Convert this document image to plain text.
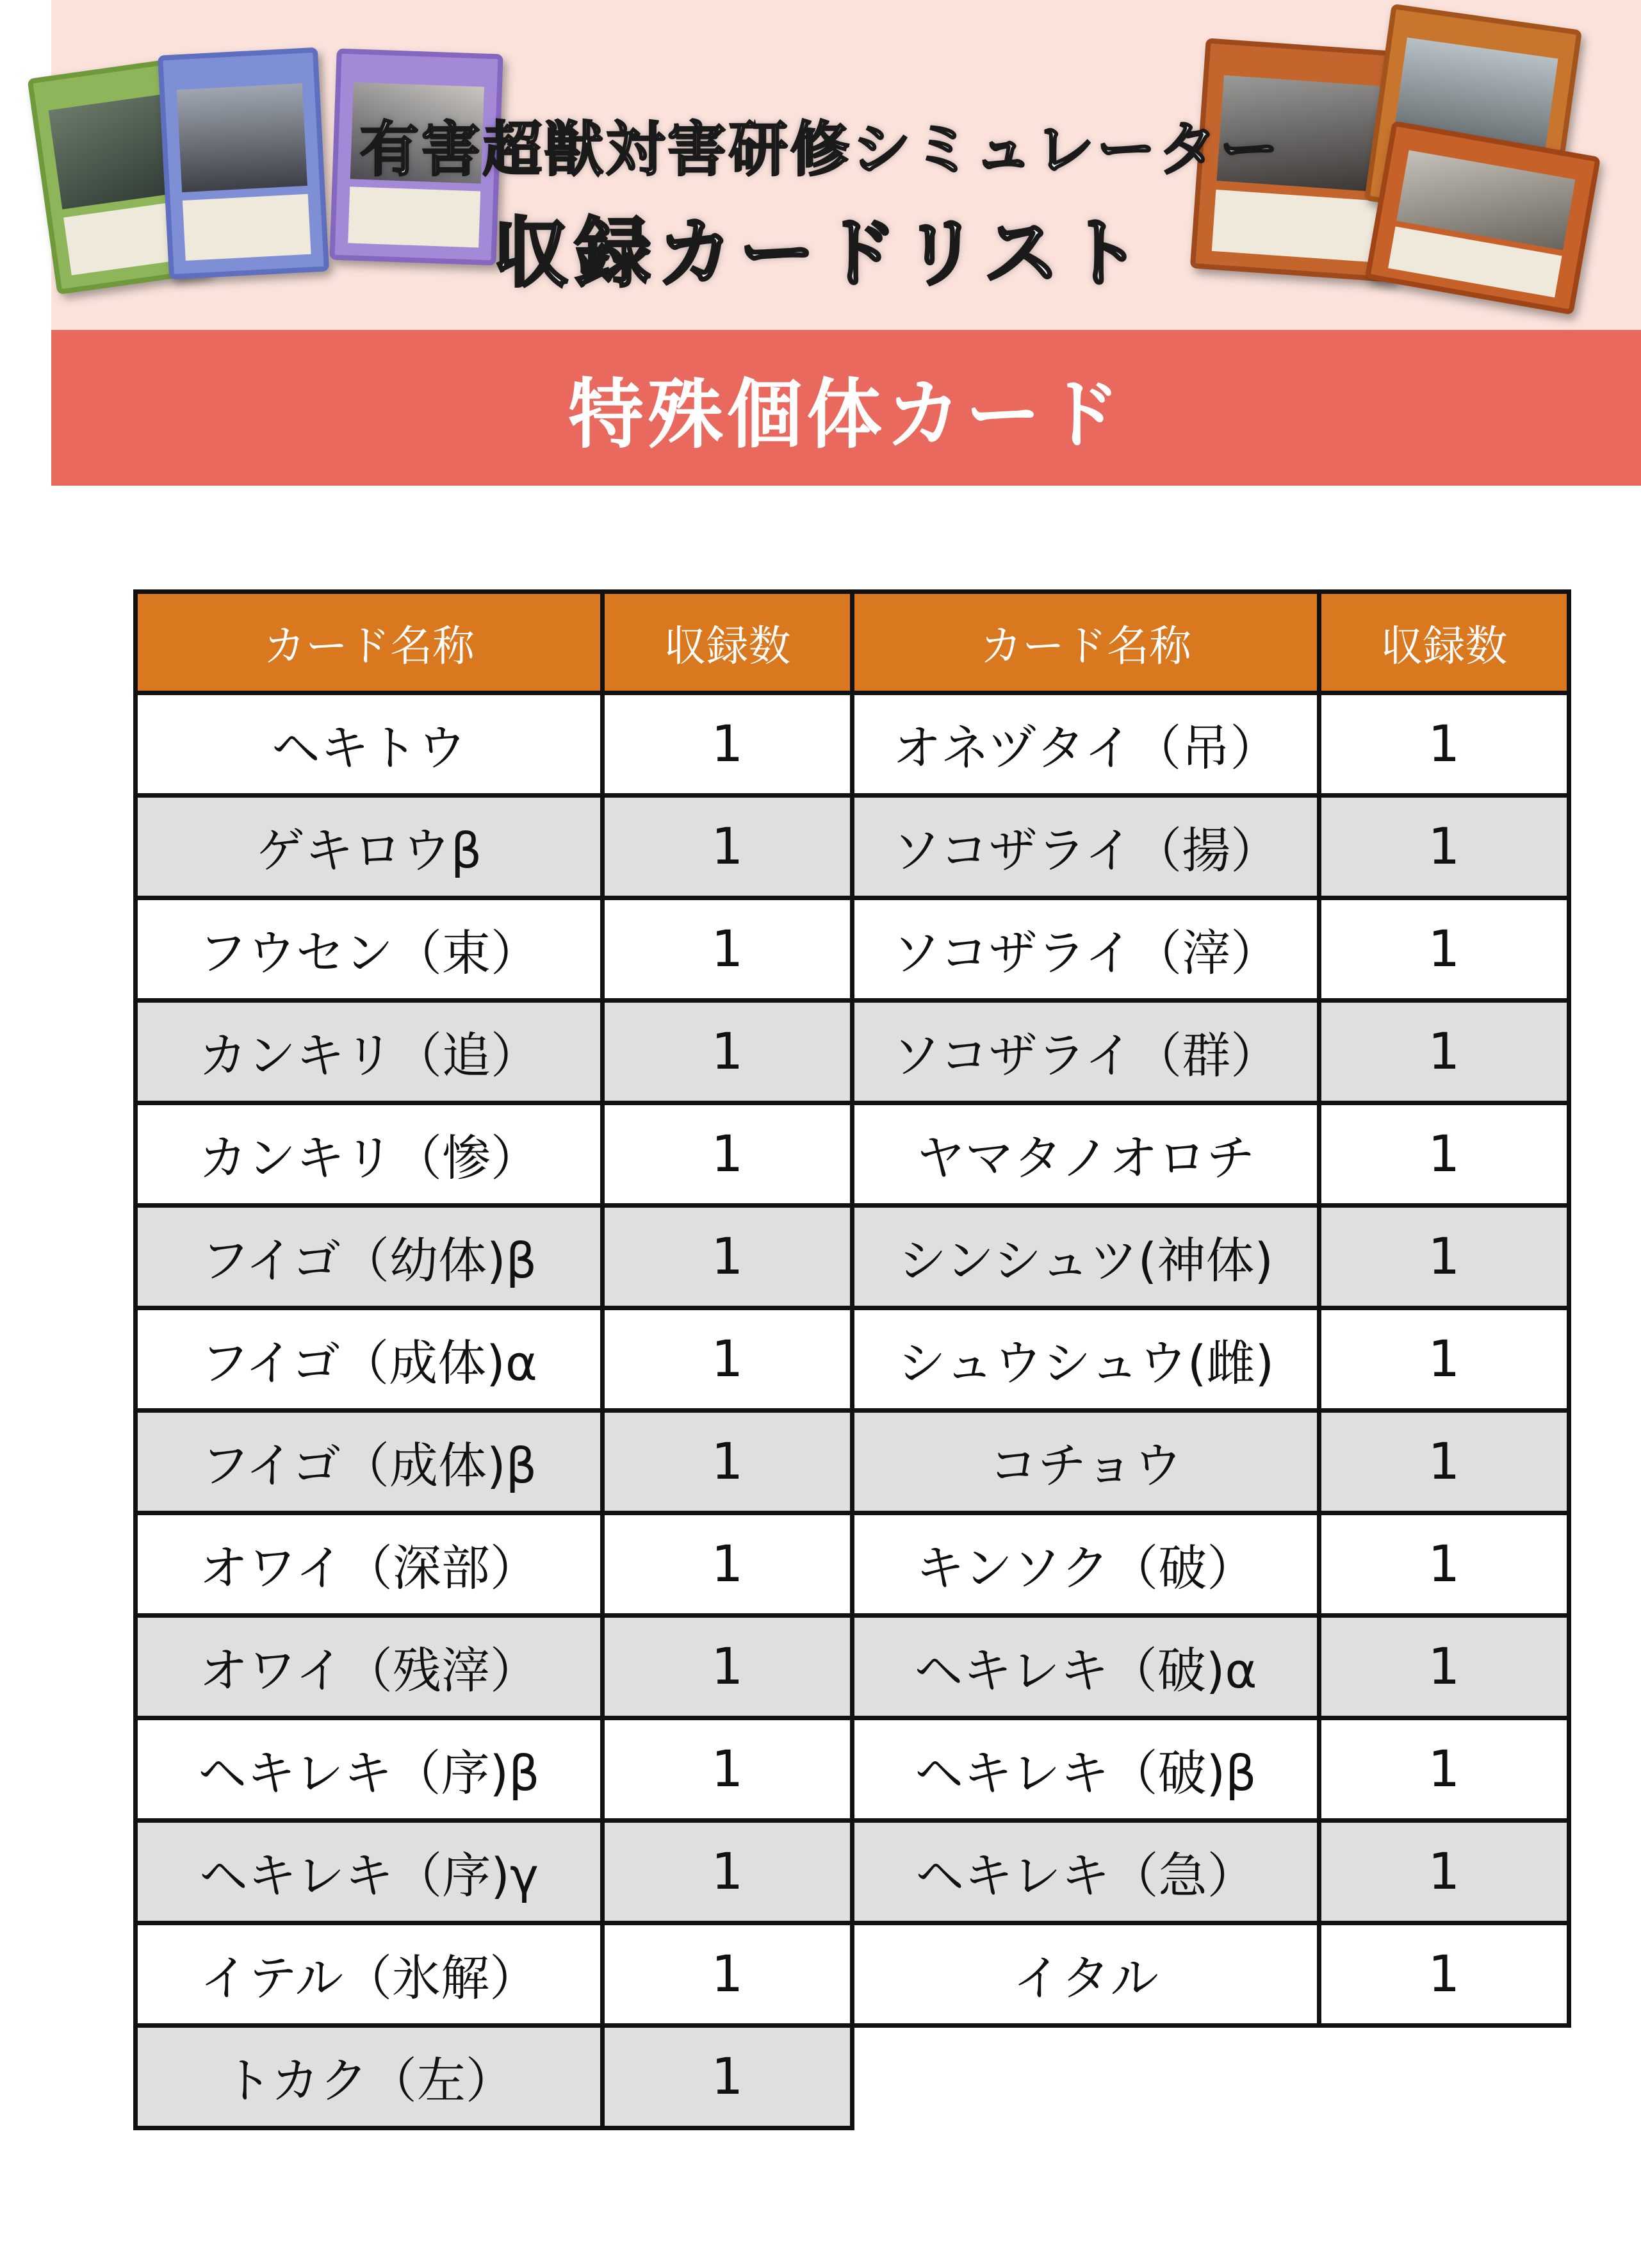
有害超獣対害研修シミュレーター
収録カードリスト
特殊個体カード
カード名称	収録数	カード名称	収録数
ヘキトウ	1	オネヅタイ（吊）	1
ゲキロウβ	1	ソコザライ（揚）	1
フウセン（束）	1	ソコザライ（滓）	1
カンキリ（追）	1	ソコザライ（群）	1
カンキリ（惨）	1	ヤマタノオロチ	1
フイゴ（幼体)β	1	シンシュツ(神体)	1
フイゴ（成体)α	1	シュウシュウ(雌)	1
フイゴ（成体)β	1	コチョウ	1
オワイ（深部）	1	キンソク（破）	1
オワイ（残滓）	1	ヘキレキ（破)α	1
ヘキレキ（序)β	1	ヘキレキ（破)β	1
ヘキレキ（序)γ	1	ヘキレキ（急）	1
イテル（氷解）	1	イタル	1
トカク（左）	1		
